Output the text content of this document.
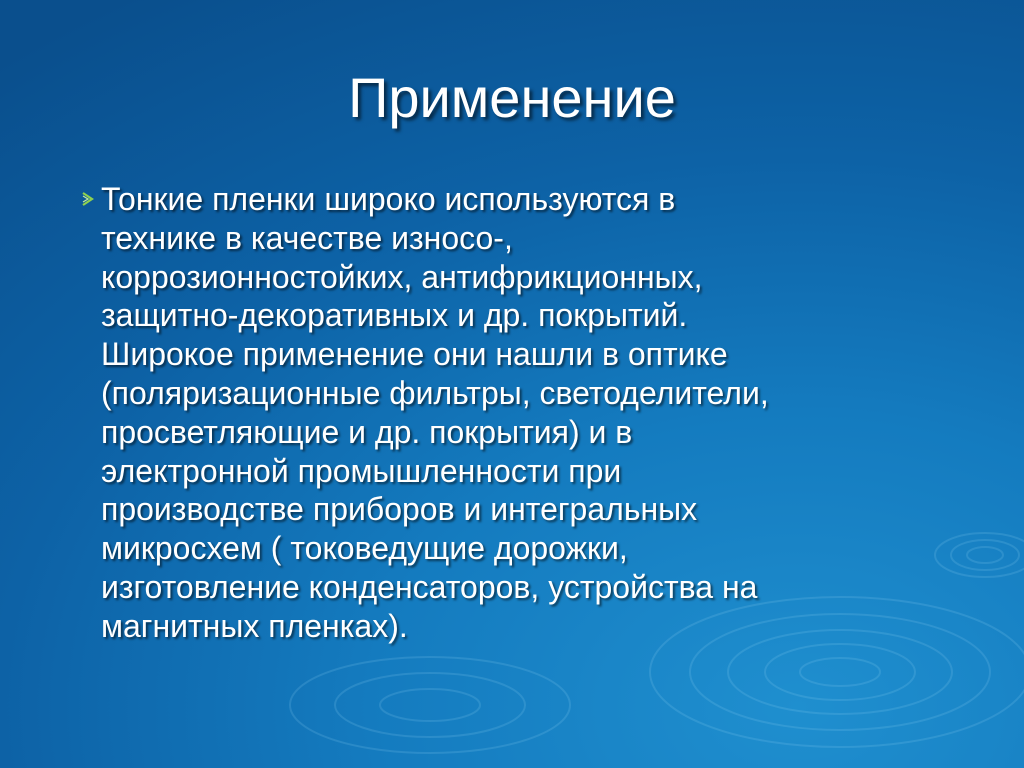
Применение

Тонкие пленки широко используются в
технике в качестве износо-,
коррозионностойких, антифрикционных,
защитно-декоративных и др. покрытий.
Широкое применение они нашли в оптике
(поляризационные фильтры, светоделители,
просветляющие и др. покрытия) и в
электронной промышленности при
производстве приборов и интегральных
микросхем ( токоведущие дорожки,
изготовление конденсаторов, устройства на
магнитных пленках).
